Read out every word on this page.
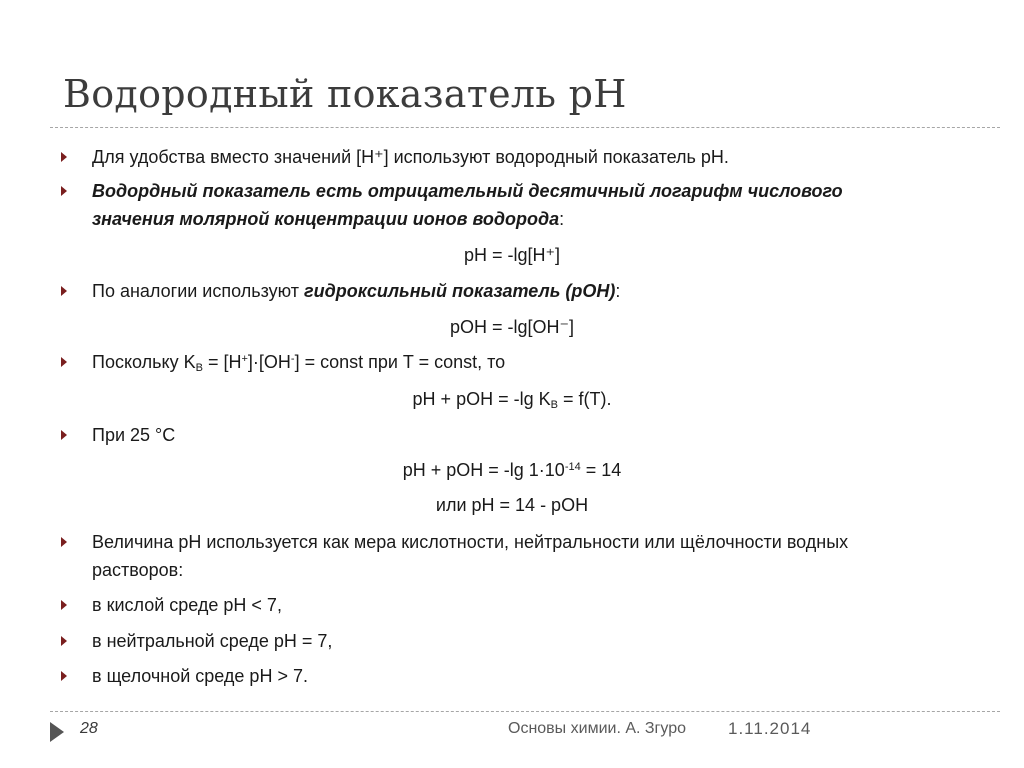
Водородный показатель рН
Для удобства вместо значений [H⁺] используют водородный показатель рН.
Водордный показатель есть отрицательный десятичный логарифм числового
значения молярной концентрации ионов водорода:
рН = -lg[H⁺]
По аналогии используют гидроксильный показатель (рОН):
рОН = -lg[OH⁻]
Поскольку $K_B = [H^+]\cdot[OH^-]$ = const при T = const, то
рН + рОН = -lg $K_B = f(T)$.
При 25 °С
рН + рОН = -lg $1\cdot 10^{-14} = 14$
или рН = 14 - рОН
Величина рН используется как мера кислотности, нейтральности или щёлочности водных
растворов:
в кислой среде рН < 7,
в нейтральной среде рН = 7,
в щелочной среде рН > 7.
28	Основы химии. А. Згуро 1.11.2014
